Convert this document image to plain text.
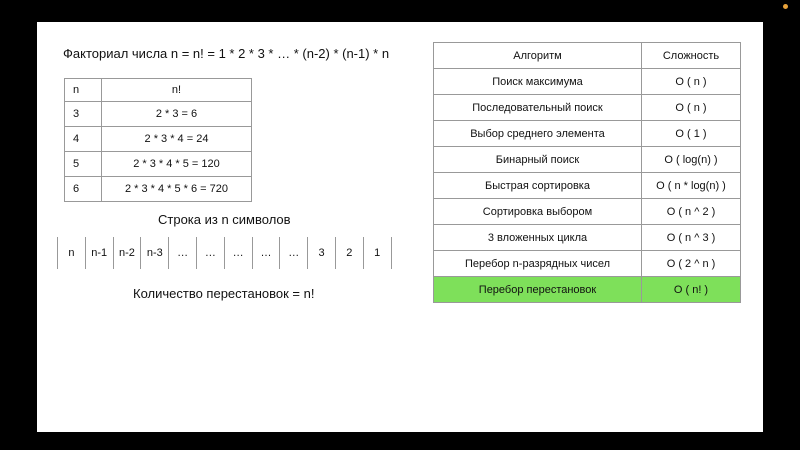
Факториал числа n = n! = 1 * 2 * 3 * … * (n-2) * (n-1) * n
n	n!
3	2 * 3 = 6
4	2 * 3 * 4 = 24
5	2 * 3 * 4 * 5 = 120
6	2 * 3 * 4 * 5 * 6 = 720
Строка из n символов
n	n-1	n-2	n-3	…	…	…	…	…	3	2	1
Количество перестановок = n!
Алгоритм	Сложность
Поиск максимума	O ( n )
Последовательный поиск	O ( n )
Выбор среднего элемента	O ( 1 )
Бинарный поиск	O ( log(n) )
Быстрая сортировка	O ( n * log(n) )
Сортировка выбором	O ( n ^ 2 )
3 вложенных цикла	O ( n ^ 3 )
Перебор n-разрядных чисел	O ( 2 ^ n )
Перебор перестановок	O ( n! )
